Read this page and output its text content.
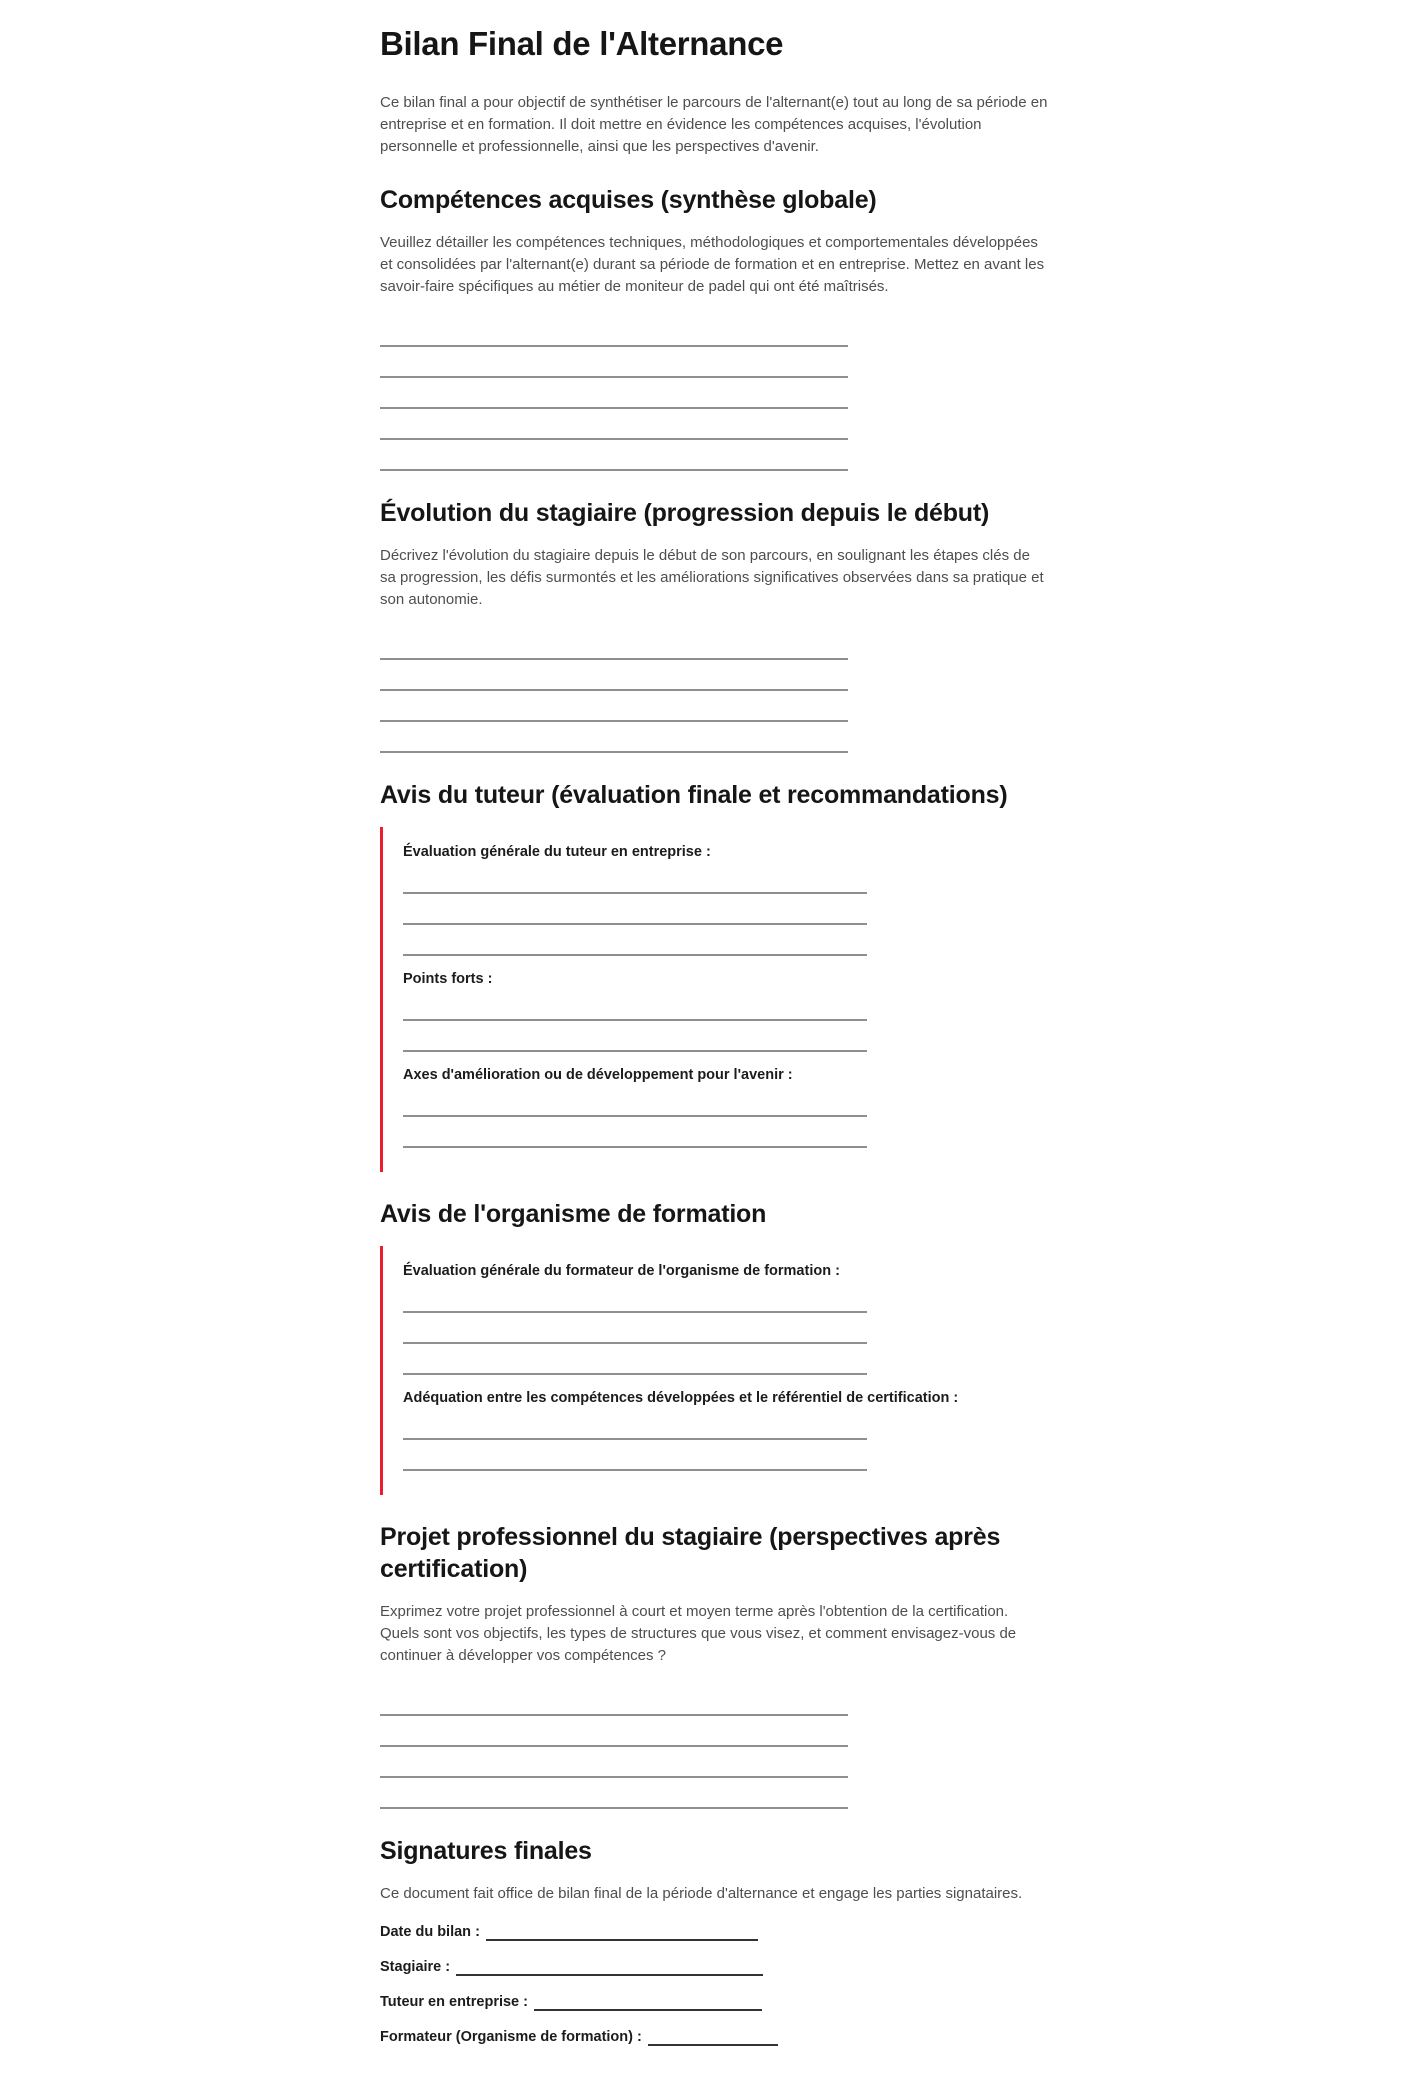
Bilan Final de l'Alternance

Ce bilan final a pour objectif de synthétiser le parcours de l'alternant(e) tout au long de sa période en entreprise et en formation. Il doit mettre en évidence les compétences acquises, l'évolution personnelle et professionnelle, ainsi que les perspectives d'avenir.

Compétences acquises (synthèse globale)

Veuillez détailler les compétences techniques, méthodologiques et comportementales développées et consolidées par l'alternant(e) durant sa période de formation et en entreprise. Mettez en avant les savoir-faire spécifiques au métier de moniteur de padel qui ont été maîtrisés.

Évolution du stagiaire (progression depuis le début)

Décrivez l'évolution du stagiaire depuis le début de son parcours, en soulignant les étapes clés de sa progression, les défis surmontés et les améliorations significatives observées dans sa pratique et son autonomie.

Avis du tuteur (évaluation finale et recommandations)
Évaluation générale du tuteur en entreprise :
Points forts :
Axes d'amélioration ou de développement pour l'avenir :
Avis de l'organisme de formation
Évaluation générale du formateur de l'organisme de formation :
Adéquation entre les compétences développées et le référentiel de certification :
Projet professionnel du stagiaire (perspectives après certification)

Exprimez votre projet professionnel à court et moyen terme après l'obtention de la certification. Quels sont vos objectifs, les types de structures que vous visez, et comment envisagez-vous de continuer à développer vos compétences ?

Signatures finales

Ce document fait office de bilan final de la période d'alternance et engage les parties signataires.

Date du bilan :
Stagiaire :
Tuteur en entreprise :
Formateur (Organisme de formation) :
